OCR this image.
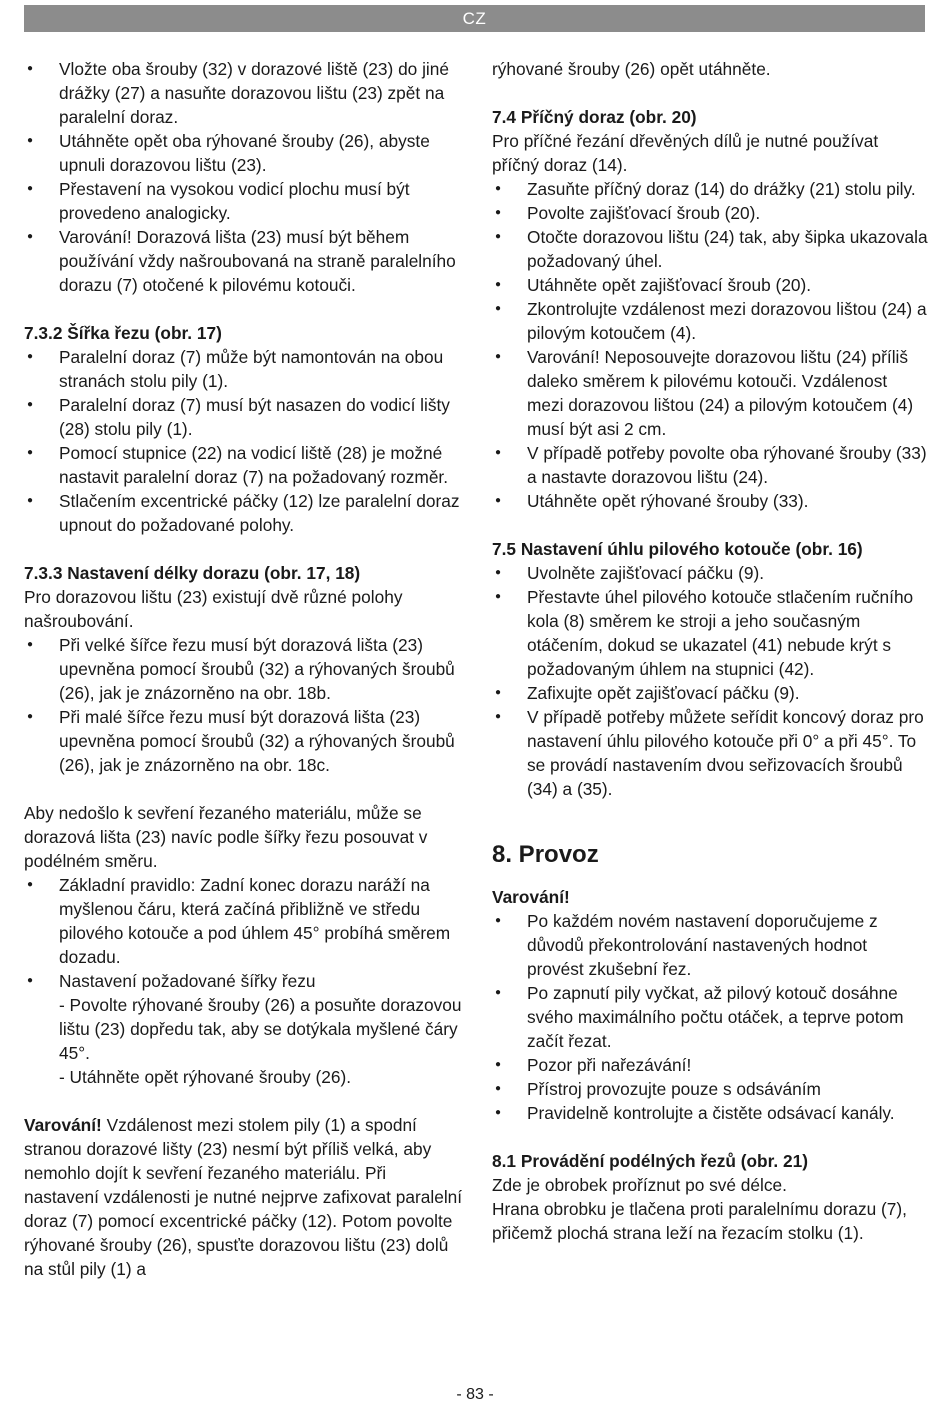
CZ
● Vložte oba šrouby (32) v dorazové liště (23) do jiné drážky (27) a nasuňte dorazovou lištu (23) zpět na paralelní doraz.
● Utáhněte opět oba rýhované šrouby (26), abyste upnuli dorazovou lištu (23).
● Přestavení na vysokou vodicí plochu musí být provedeno analogicky.
● Varování! Dorazová lišta (23) musí být během používání vždy našroubovaná na straně paralelního dorazu (7) otočené k pilovému kotouči.
7.3.2 Šířka řezu (obr. 17)
● Paralelní doraz (7) může být namontován na obou stranách stolu pily (1).
● Paralelní doraz (7) musí být nasazen do vodicí lišty (28) stolu pily (1).
● Pomocí stupnice (22) na vodicí liště (28) je možné nastavit paralelní doraz (7) na požadovaný rozměr.
● Stlačením excentrické páčky (12) lze paralelní doraz upnout do požadované polohy.
7.3.3 Nastavení délky dorazu (obr. 17, 18)

Pro dorazovou lištu (23) existují dvě různé polohy našroubování.

● Při velké šířce řezu musí být dorazová lišta (23) upevněna pomocí šroubů (32) a rýhovaných šroubů (26), jak je znázorněno na obr. 18b.
● Při malé šířce řezu musí být dorazová lišta (23) upevněna pomocí šroubů (32) a rýhovaných šroubů (26), jak je znázorněno na obr. 18c.

Aby nedošlo k sevření řezaného materiálu, může se dorazová lišta (23) navíc podle šířky řezu posouvat v podélném směru.

● Základní pravidlo: Zadní konec dorazu naráží na myšlenou čáru, která začíná přibližně ve středu pilového kotouče a pod úhlem 45° probíhá směrem dozadu.
● Nastavení požadované šířky řezu
- Povolte rýhované šrouby (26) a posuňte dorazovou lištu (23) dopředu tak, aby se dotýkala myšlené čáry 45°.
- Utáhněte opět rýhované šrouby (26).

Varování! Vzdálenost mezi stolem pily (1) a spodní stranou dorazové lišty (23) nesmí být příliš velká, aby nemohlo dojít k sevření řezaného materiálu. Při nastavení vzdálenosti je nutné nejprve zafixovat paralelní doraz (7) pomocí excentrické páčky (12). Potom povolte rýhované šrouby (26), spusťte dorazovou lištu (23) dolů na stůl pily (1) a

rýhované šrouby (26) opět utáhněte.

7.4 Příčný doraz (obr. 20)

Pro příčné řezání dřevěných dílů je nutné používat příčný doraz (14).

● Zasuňte příčný doraz (14) do drážky (21) stolu pily.
● Povolte zajišťovací šroub (20).
● Otočte dorazovou lištu (24) tak, aby šipka ukazovala požadovaný úhel.
● Utáhněte opět zajišťovací šroub (20).
● Zkontrolujte vzdálenost mezi dorazovou lištou (24) a pilovým kotoučem (4).
● Varování! Neposouvejte dorazovou lištu (24) příliš daleko směrem k pilovému kotouči. Vzdálenost mezi dorazovou lištou (24) a pilovým kotoučem (4) musí být asi 2 cm.
● V případě potřeby povolte oba rýhované šrouby (33) a nastavte dorazovou lištu (24).
● Utáhněte opět rýhované šrouby (33).
7.5 Nastavení úhlu pilového kotouče (obr. 16)
● Uvolněte zajišťovací páčku (9).
● Přestavte úhel pilového kotouče stlačením ručního kola (8) směrem ke stroji a jeho současným otáčením, dokud se ukazatel (41) nebude krýt s požadovaným úhlem na stupnici (42).
● Zafixujte opět zajišťovací páčku (9).
● V případě potřeby můžete seřídit koncový doraz pro nastavení úhlu pilového kotouče při 0° a při 45°. To se provádí nastavením dvou seřizovacích šroubů (34) a (35).
8. Provoz
Varování!
● Po každém novém nastavení doporučujeme z důvodů překontrolování nastavených hodnot provést zkušební řez.
● Po zapnutí pily vyčkat, až pilový kotouč dosáhne svého maximálního počtu otáček, a teprve potom začít řezat.
● Pozor při nařezávání!
● Přístroj provozujte pouze s odsáváním
● Pravidelně kontrolujte a čistěte odsávací kanály.
8.1 Provádění podélných řezů (obr. 21)

Zde je obrobek proříznut po své délce.

Hrana obrobku je tlačena proti paralelnímu dorazu (7), přičemž plochá strana leží na řezacím stolku (1).

- 83 -
